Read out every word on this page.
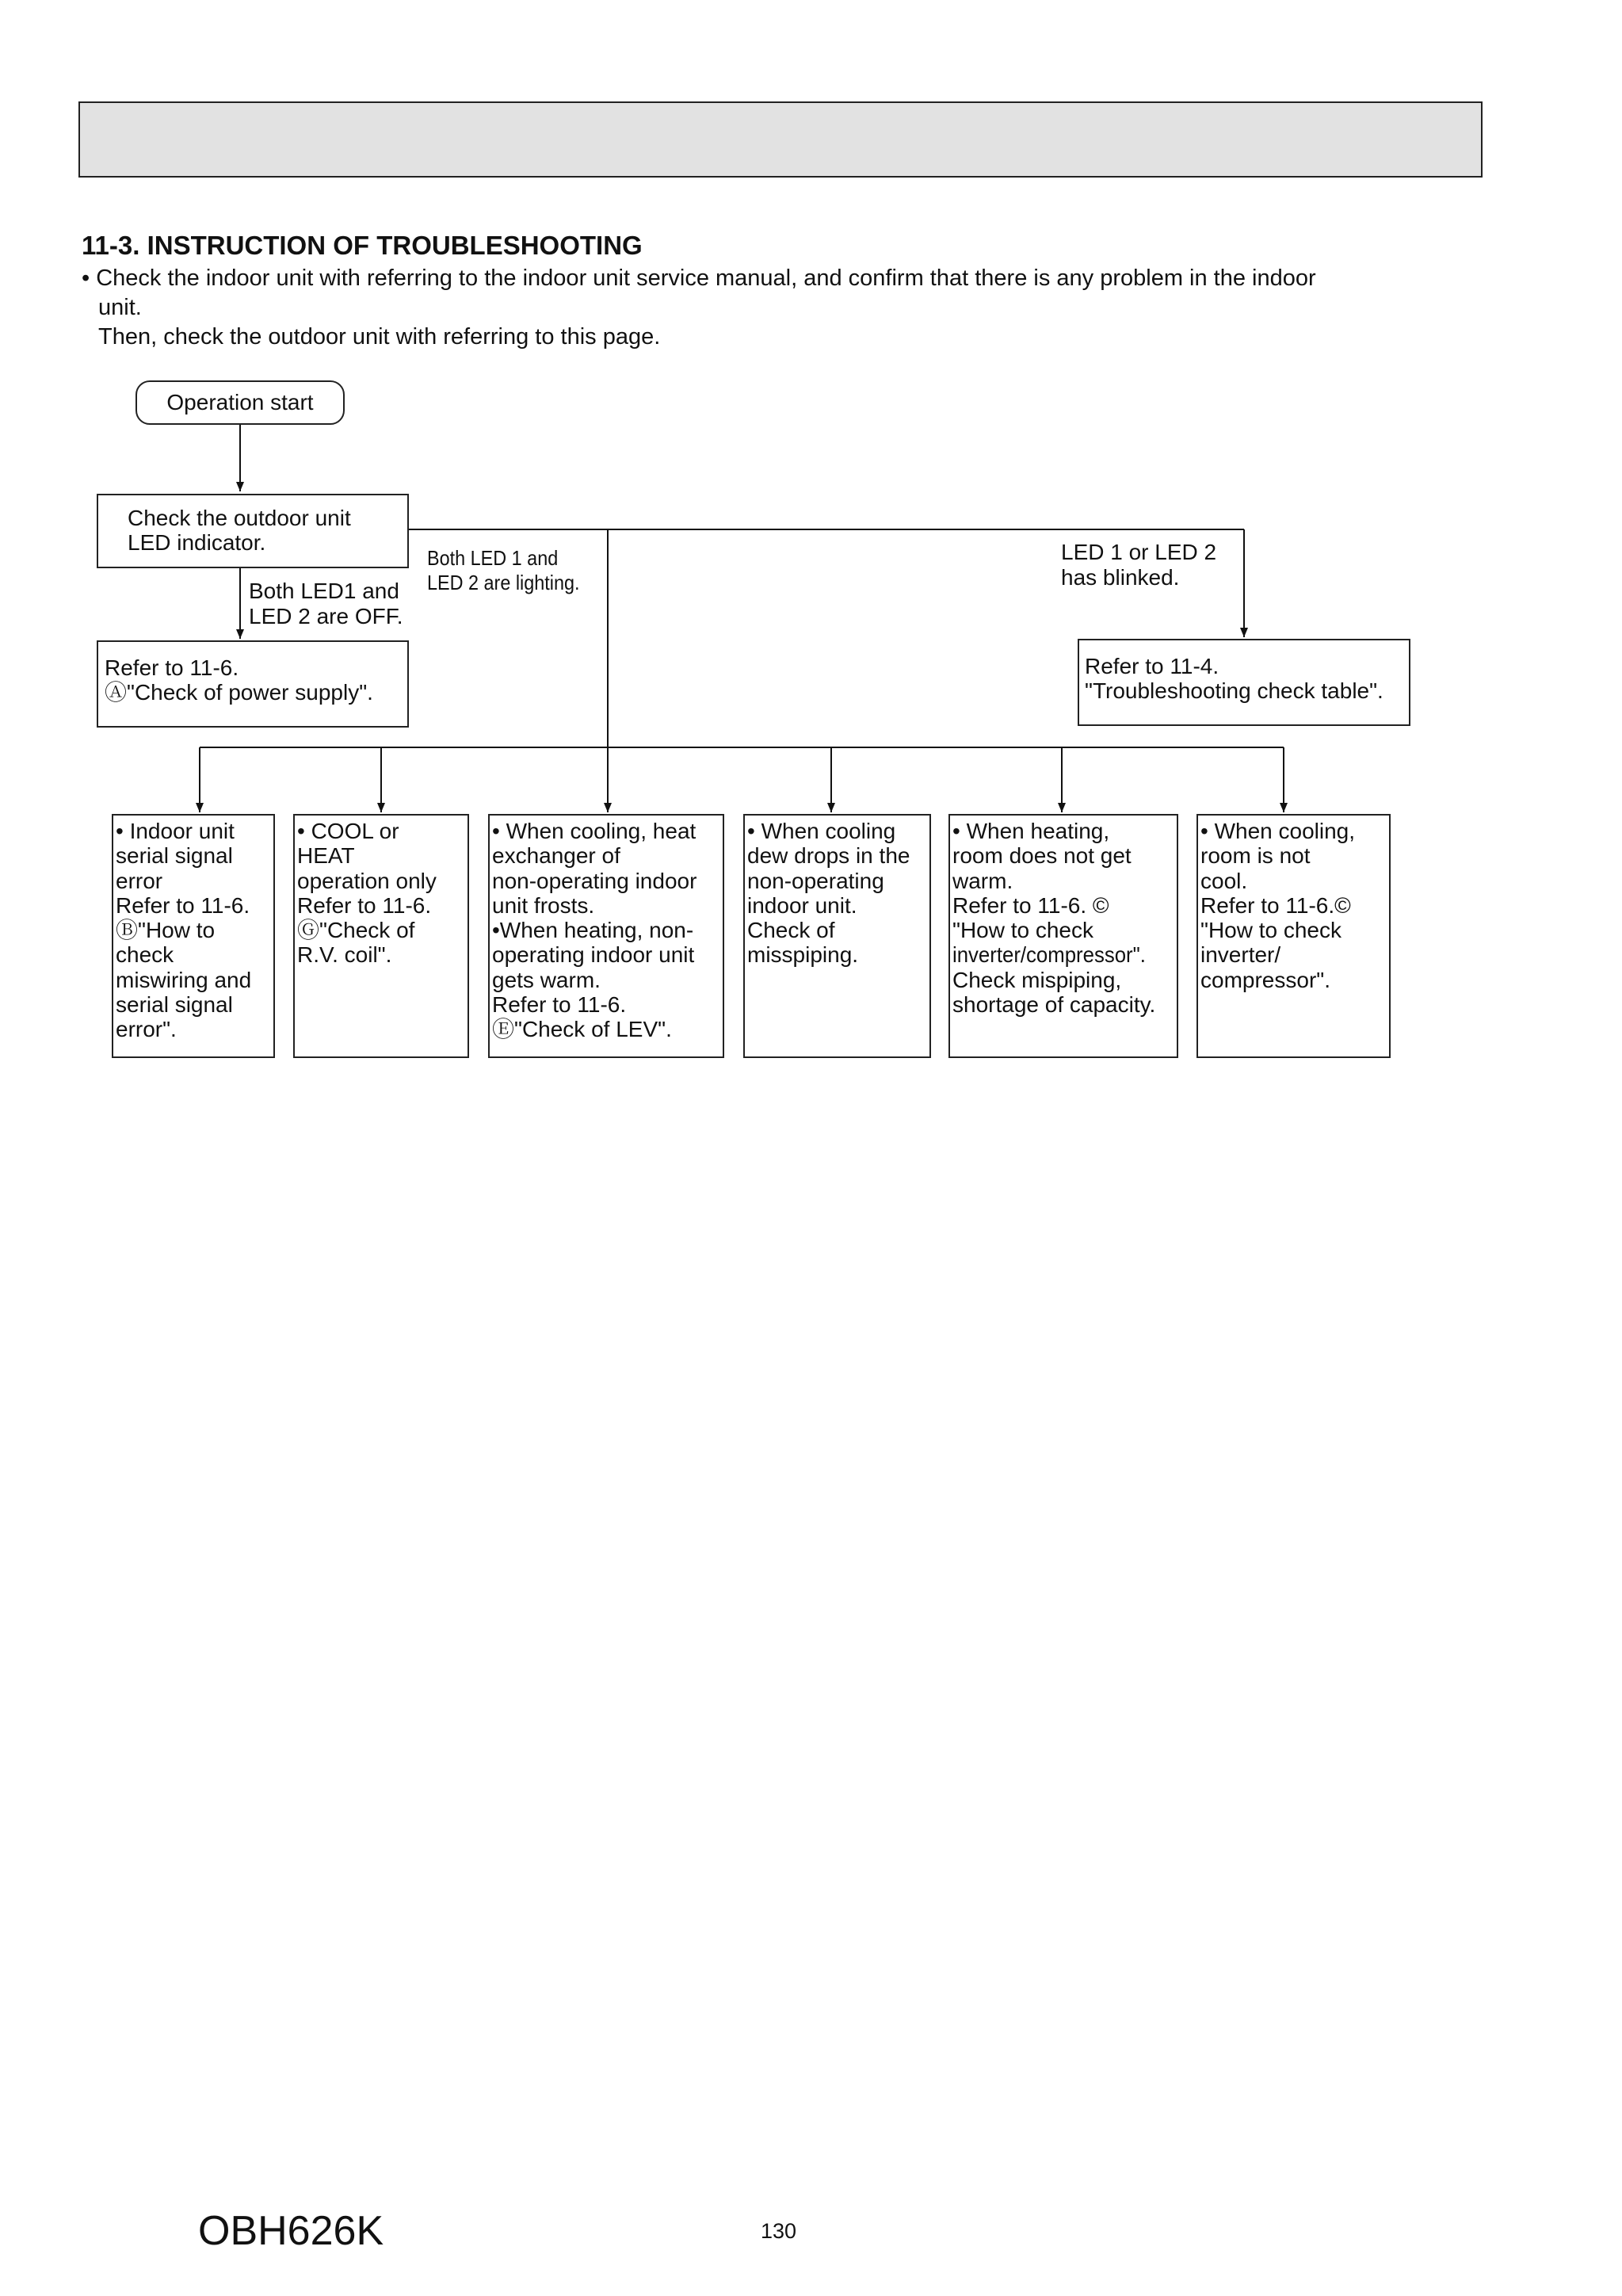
11-3. INSTRUCTION OF TROUBLESHOOTING
• Check the indoor unit with referring to the indoor unit service manual, and confirm that there is any problem in the indoor
unit.
Then, check the outdoor unit with referring to this page.
Operation start
Check the outdoor unit
LED indicator.
Both LED1 and
LED 2 are OFF.
Both LED 1 and
LED 2 are lighting.
LED 1 or LED 2
has blinked.
Refer to 11-6.
Ⓐ"Check of power supply".
Refer to 11-4.
"Troubleshooting check table".
• Indoor unit
serial signal
error
Refer to 11-6.
Ⓑ"How to
check
miswiring and
serial signal
error".
• COOL or
HEAT
operation only
Refer to 11-6.
Ⓖ"Check of
R.V. coil".
• When cooling, heat
exchanger of
non-operating indoor
unit frosts.
•When heating, non-
operating indoor unit
gets warm.
Refer to 11-6.
Ⓔ"Check of LEV".
• When cooling
dew drops in the
non-operating
indoor unit.
Check of
misspiping.
• When heating,
room does not get
warm.
Refer to 11-6. ©
"How to check
inverter/compressor".
Check mispiping,
shortage of capacity.
• When cooling,
room is not
cool.
Refer to 11-6.©
"How to check
inverter/
compressor".
OBH626K	130
